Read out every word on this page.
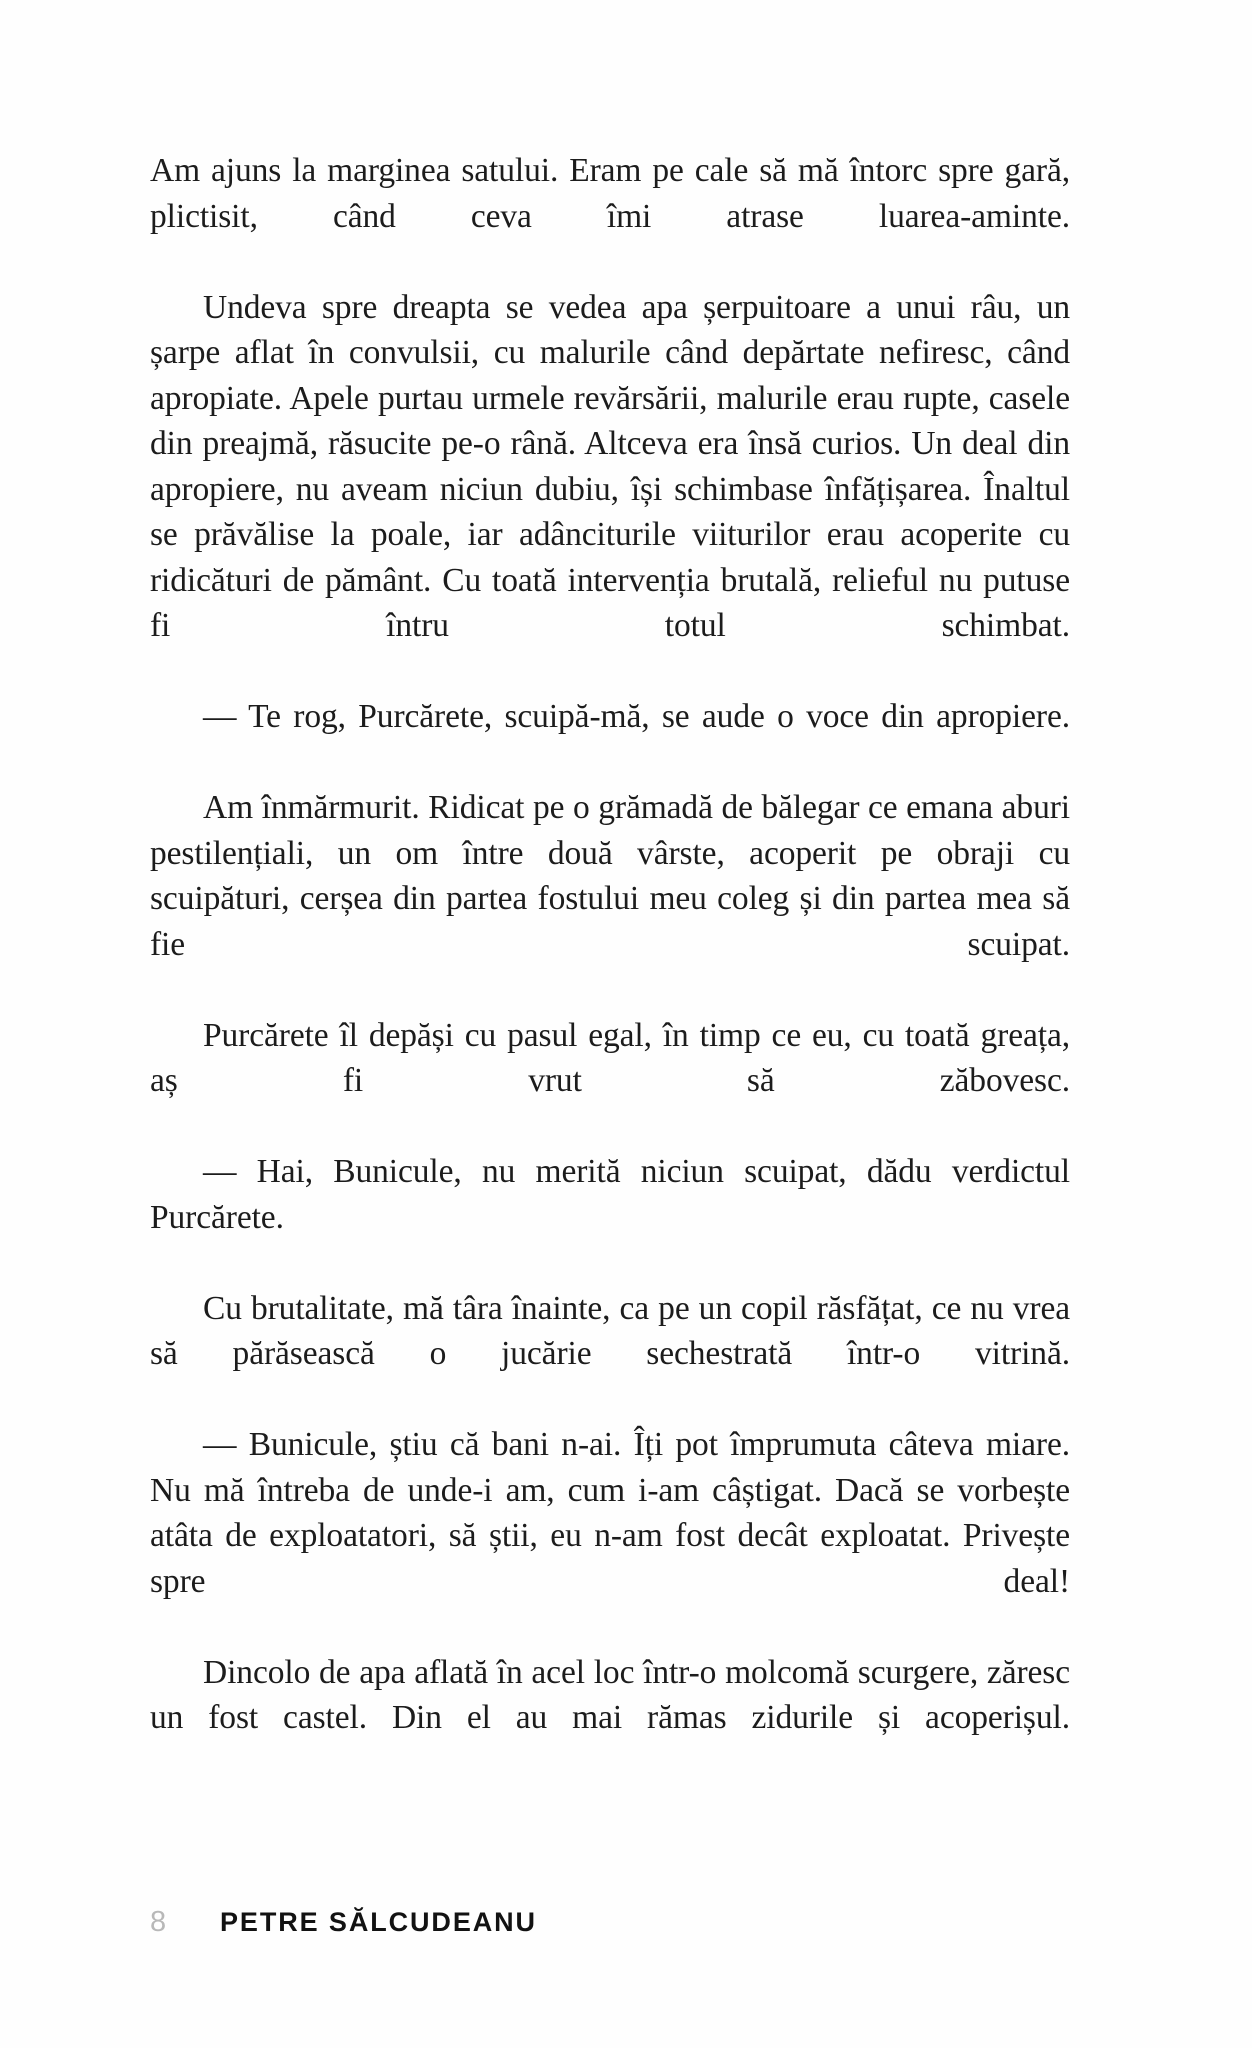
Am ajuns la marginea satului. Eram pe cale să mă întorc spre gară, plictisit, când ceva îmi atrase luarea-aminte.

Undeva spre dreapta se vedea apa șerpuitoare a unui râu, un șarpe aflat în convulsii, cu malurile când depărtate nefiresc, când apropiate. Apele purtau urmele revărsării, malurile erau rupte, casele din preajmă, răsucite pe-o rână. Altceva era însă curios. Un deal din apropiere, nu aveam niciun dubiu, își schimbase înfățișarea. Înaltul se prăvălise la poale, iar adânciturile viiturilor erau acoperite cu ridicături de pământ. Cu toată intervenția brutală, relieful nu putuse fi întru totul schimbat.

— Te rog, Purcărete, scuipă-mă, se aude o voce din apropiere.

Am înmărmurit. Ridicat pe o grămadă de bălegar ce emana aburi pestilențiali, un om între două vârste, acoperit pe obraji cu scuipături, cerșea din partea fostului meu coleg și din partea mea să fie scuipat.

Purcărete îl depăși cu pasul egal, în timp ce eu, cu toată greața, aș fi vrut să zăbovesc.

— Hai, Bunicule, nu merită niciun scuipat, dădu verdictul Purcărete.

Cu brutalitate, mă târa înainte, ca pe un copil răsfățat, ce nu vrea să părăsească o jucărie sechestrată într-o vitrină.

— Bunicule, știu că bani n-ai. Îți pot împrumuta câteva miare. Nu mă întreba de unde-i am, cum i-am câștigat. Dacă se vorbește atâta de exploatatori, să știi, eu n-am fost decât exploatat. Privește spre deal!

Dincolo de apa aflată în acel loc într-o molcomă scurgere, zăresc un fost castel. Din el au mai rămas zidurile și acoperișul.

8	PETRE SĂLCUDEANU
